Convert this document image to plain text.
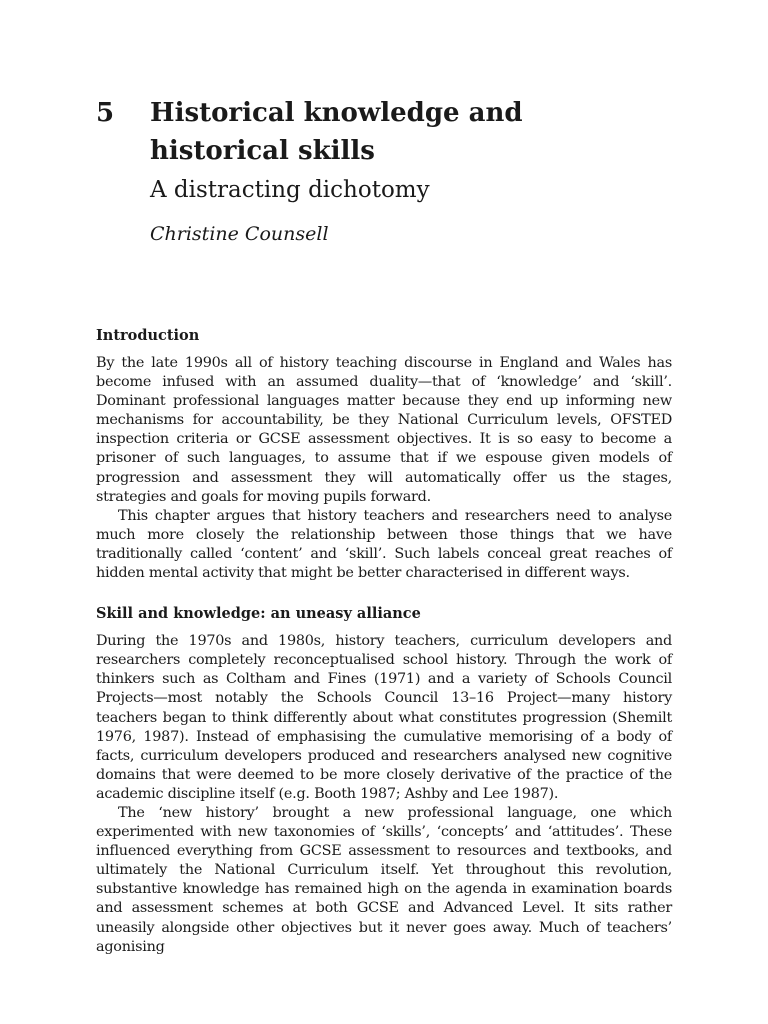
5	Historical knowledge and historical skills
A distracting dichotomy
Christine Counsell
Introduction

By the late 1990s all of history teaching discourse in England and Wales has become infused with an assumed duality—that of ‘knowledge’ and ‘skill’. Dominant professional languages matter because they end up informing new mechanisms for accountability, be they National Curriculum levels, OFSTED inspection criteria or GCSE assessment objectives. It is so easy to become a prisoner of such languages, to assume that if we espouse given models of progression and assessment they will automatically offer us the stages, strategies and goals for moving pupils forward.

This chapter argues that history teachers and researchers need to analyse much more closely the relationship between those things that we have traditionally called ‘content’ and ‘skill’. Such labels conceal great reaches of hidden mental activity that might be better characterised in different ways.

Skill and knowledge: an uneasy alliance

During the 1970s and 1980s, history teachers, curriculum developers and researchers completely reconceptualised school history. Through the work of thinkers such as Coltham and Fines (1971) and a variety of Schools Council Projects—most notably the Schools Council 13–16 Project—many history teachers began to think differently about what constitutes progression (Shemilt 1976, 1987). Instead of emphasising the cumulative memorising of a body of facts, curriculum developers produced and researchers analysed new cognitive domains that were deemed to be more closely derivative of the practice of the academic discipline itself (e.g. Booth 1987; Ashby and Lee 1987).

The ‘new history’ brought a new professional language, one which experimented with new taxonomies of ‘skills’, ‘concepts’ and ‘attitudes’. These influenced everything from GCSE assessment to resources and textbooks, and ultimately the National Curriculum itself. Yet throughout this revolution, substantive knowledge has remained high on the agenda in examination boards and assessment schemes at both GCSE and Advanced Level. It sits rather uneasily alongside other objectives but it never goes away. Much of teachers’ agonising
